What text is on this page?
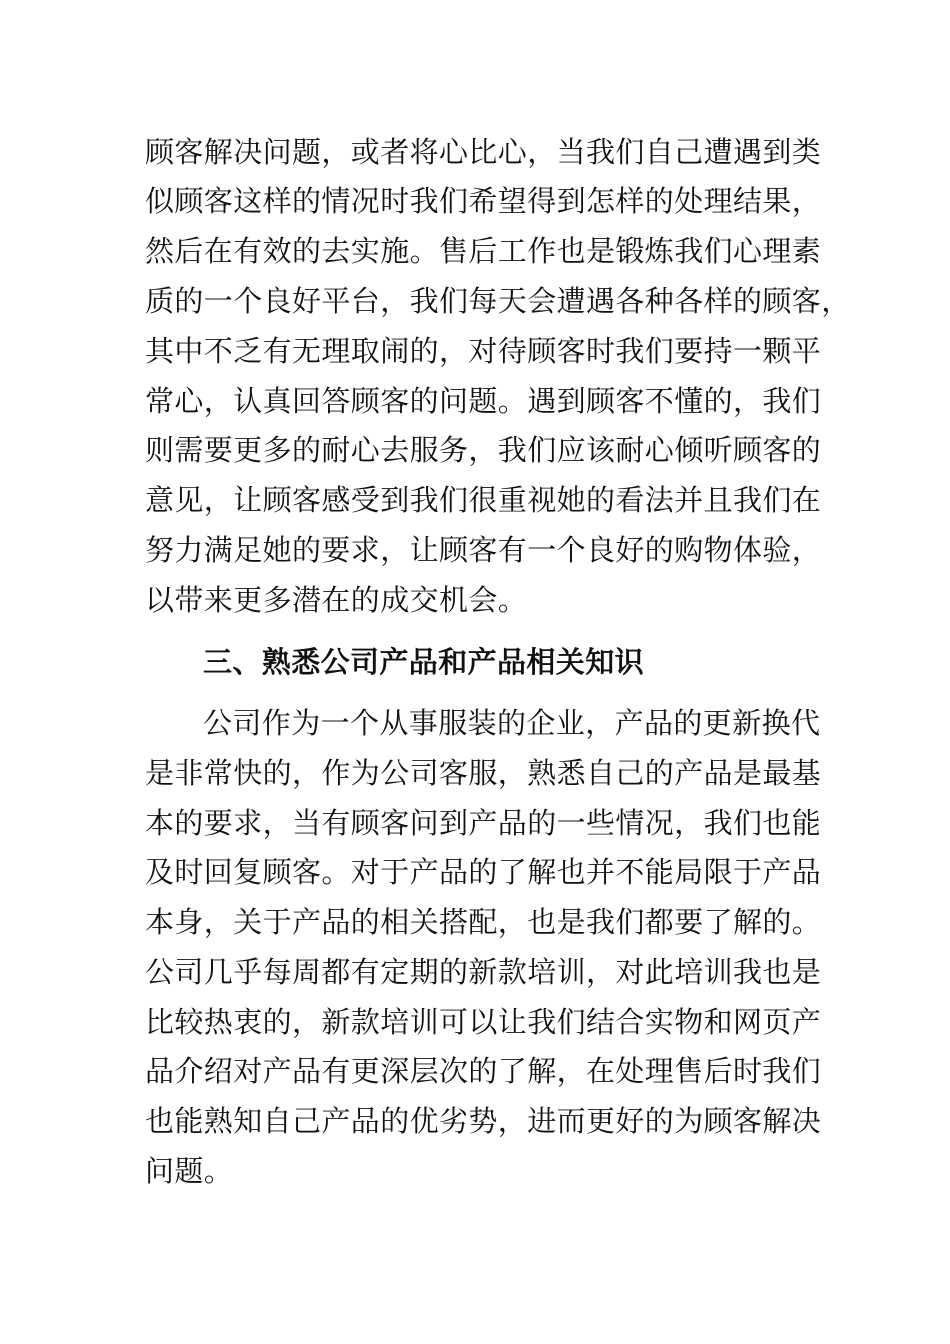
顾客解决问题，或者将心比心，当我们自己遭遇到类
似顾客这样的情况时我们希望得到怎样的处理结果，
然后在有效的去实施。售后工作也是锻炼我们心理素
质的一个良好平台，我们每天会遭遇各种各样的顾客，
其中不乏有无理取闹的，对待顾客时我们要持一颗平
常心，认真回答顾客的问题。遇到顾客不懂的，我们
则需要更多的耐心去服务，我们应该耐心倾听顾客的
意见，让顾客感受到我们很重视她的看法并且我们在
努力满足她的要求，让顾客有一个良好的购物体验，
以带来更多潜在的成交机会。
三、熟悉公司产品和产品相关知识
公司作为一个从事服装的企业，产品的更新换代
是非常快的，作为公司客服，熟悉自己的产品是最基
本的要求，当有顾客问到产品的一些情况，我们也能
及时回复顾客。对于产品的了解也并不能局限于产品
本身，关于产品的相关搭配，也是我们都要了解的。
公司几乎每周都有定期的新款培训，对此培训我也是
比较热衷的，新款培训可以让我们结合实物和网页产
品介绍对产品有更深层次的了解，在处理售后时我们
也能熟知自己产品的优劣势，进而更好的为顾客解决
问题。
